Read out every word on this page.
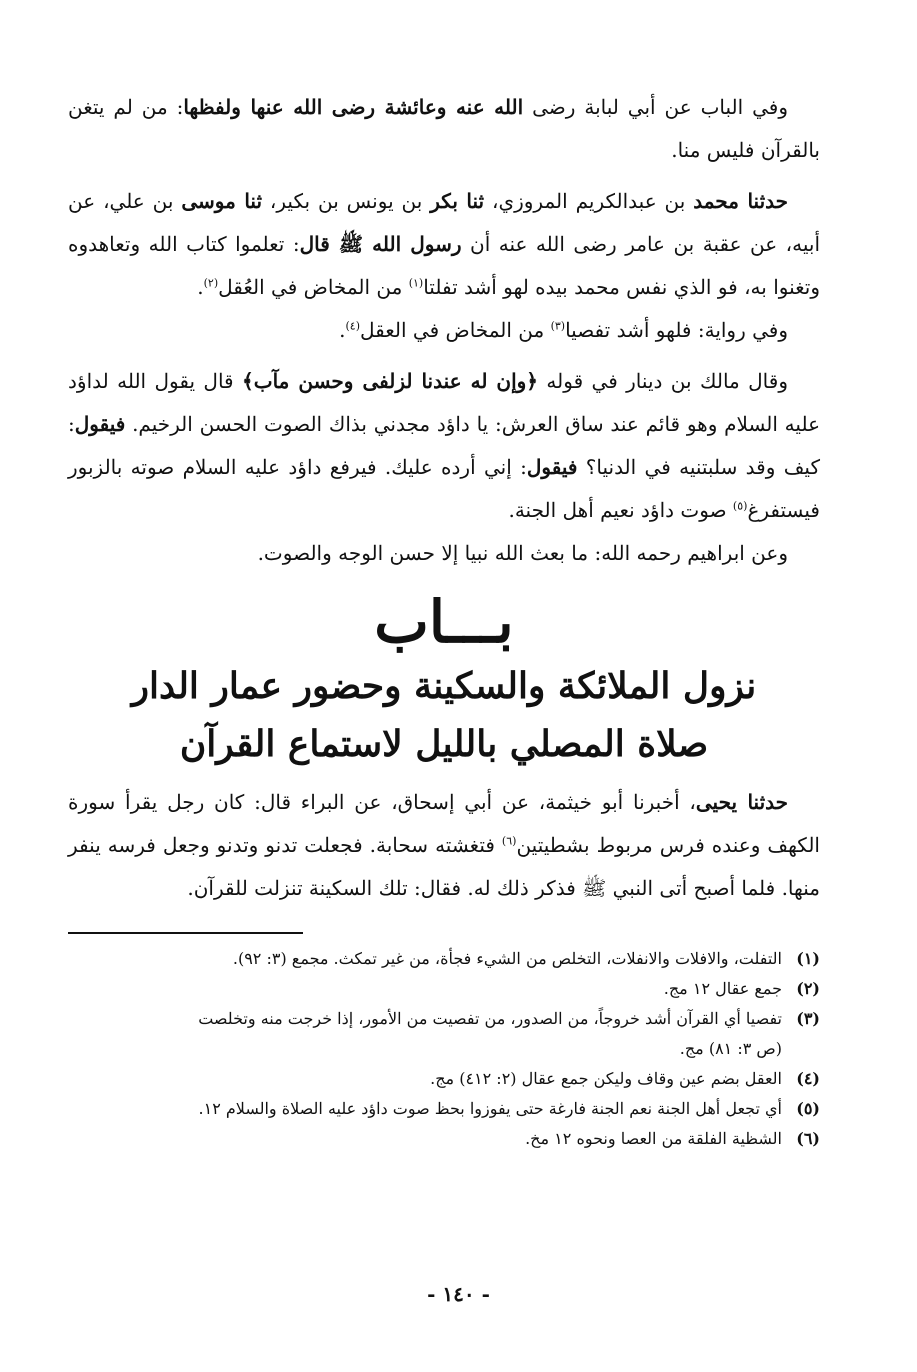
وفي الباب عن أبي لبابة رضى الله عنه وعائشة رضى الله عنها ولفظها: من لم يتغن بالقرآن فليس منا.

حدثنا محمد بن عبدالكريم المروزي، ثنا بكر بن يونس بن بكير، ثنا موسى بن علي، عن أبيه، عن عقبة بن عامر رضى الله عنه أن رسول الله ﷺ قال: تعلموا كتاب الله وتعاهدوه وتغنوا به، فو الذي نفس محمد بيده لهو أشد تفلتا$^{(١)}$ من المخاض في العُقل$^{(٢)}$.

وفي رواية: فلهو أشد تفصيا$^{(٣)}$ من المخاض في العقل$^{(٤)}$.

وقال مالك بن دينار في قوله ﴿وإن له عندنا لزلفى وحسن مآب﴾ قال يقول الله لداؤد عليه السلام وهو قائم عند ساق العرش: يا داؤد مجدني بذاك الصوت الحسن الرخيم. فيقول: كيف وقد سلبتنيه في الدنيا؟ فيقول: إني أرده عليك. فيرفع داؤد عليه السلام صوته بالزبور فيستفرغ$^{(٥)}$ صوت داؤد نعيم أهل الجنة.

وعن ابراهيم رحمه الله: ما بعث الله نبيا إلا حسن الوجه والصوت.

بـــاب
نزول الملائكة والسكينة وحضور عمار الدار
صلاة المصلي بالليل لاستماع القرآن

حدثنا يحيى، أخبرنا أبو خيثمة، عن أبي إسحاق، عن البراء قال: كان رجل يقرأ سورة الكهف وعنده فرس مربوط بشطيتين$^{(٦)}$ فتغشته سحابة. فجعلت تدنو وتدنو وجعل فرسه ينفر منها. فلما أصبح أتى النبي ﷺ فذكر ذلك له. فقال: تلك السكينة تنزلت للقرآن.

(١)
التفلت، والافلات والانفلات، التخلص من الشيء فجأة، من غير تمكث. مجمع (٣: ٩٢).
(٢)
جمع عقال ١٢ مج.
(٣)
تفصيا أي القرآن أشد خروجاً، من الصدور، من تفصيت من الأمور، إذا خرجت منه وتخلصت
(ص ٣: ٨١) مج.
(٤)
العقل بضم عين وقاف وليكن جمع عقال (٢: ٤١٢) مج.
(٥)
أي تجعل أهل الجنة نعم الجنة فارغة حتى يفوزوا بحظ صوت داؤد عليه الصلاة والسلام ١٢.
(٦)
الشظية الفلقة من العصا ونحوه ١٢ مخ.
- ١٤٠ -
